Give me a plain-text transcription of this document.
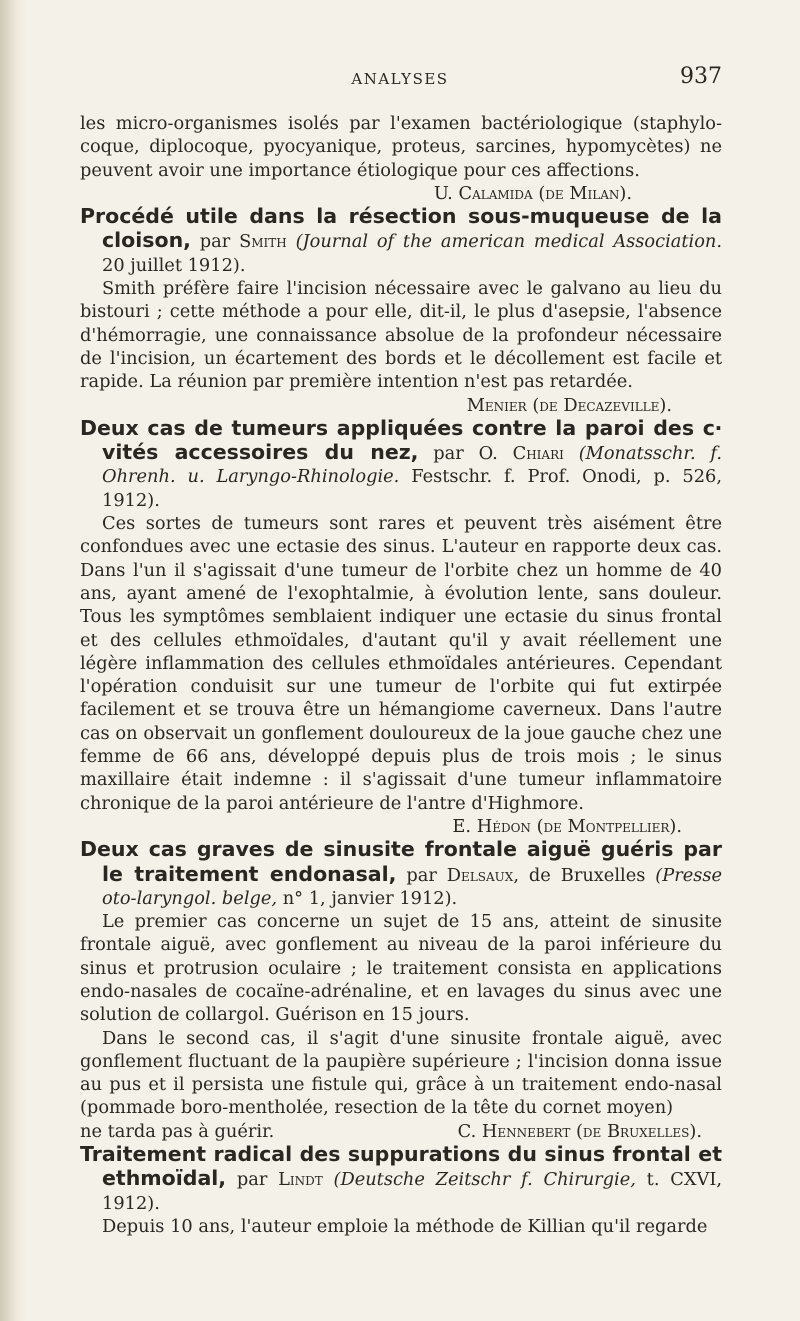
ANALYSES	937

les micro-organismes isolés par l'examen bactériologique (staphylo-coque, diplocoque, pyocyanique, proteus, sarcines, hypomycètes) ne peuvent avoir une importance étiologique pour ces affections.

U. Calamida (de Milan).

Procédé utile dans la résection sous-muqueuse de la cloison, par Smith (Journal of the american medical Association. 20 juillet 1912).

Smith préfère faire l'incision nécessaire avec le galvano au lieu du bistouri ; cette méthode a pour elle, dit-il, le plus d'asepsie, l'absence d'hémorragie, une connaissance absolue de la profondeur nécessaire de l'incision, un écartement des bords et le décollement est facile et rapide. La réunion par première intention n'est pas retardée.

Menier (de Decazeville).

Deux cas de tumeurs appliquées contre la paroi des c‧vités accessoires du nez, par O. Chiari (Monatsschr. f. Ohrenh. u. Laryngo-Rhinologie. Festschr. f. Prof. Onodi, p. 526, 1912).

Ces sortes de tumeurs sont rares et peuvent très aisément être confondues avec une ectasie des sinus. L'auteur en rapporte deux cas. Dans l'un il s'agissait d'une tumeur de l'orbite chez un homme de 40 ans, ayant amené de l'exophtalmie, à évolution lente, sans douleur. Tous les symptômes semblaient indiquer une ectasie du sinus frontal et des cellules ethmoïdales, d'autant qu'il y avait réellement une légère inflammation des cellules ethmoïdales antérieures. Cependant l'opération conduisit sur une tumeur de l'orbite qui fut extirpée facilement et se trouva être un hémangiome caverneux. Dans l'autre cas on observait un gonflement douloureux de la joue gauche chez une femme de 66 ans, développé depuis plus de trois mois ; le sinus maxillaire était indemne : il s'agissait d'une tumeur inflammatoire chronique de la paroi antérieure de l'antre d'Highmore.

E. Hédon (de Montpellier).

Deux cas graves de sinusite frontale aiguë guéris par le traitement endonasal, par Delsaux, de Bruxelles (Presse oto-laryngol. belge, n° 1, janvier 1912).

Le premier cas concerne un sujet de 15 ans, atteint de sinusite frontale aiguë, avec gonflement au niveau de la paroi inférieure du sinus et protrusion oculaire ; le traitement consista en applications endo-nasales de cocaïne-adrénaline, et en lavages du sinus avec une solution de collargol. Guérison en 15 jours.

Dans le second cas, il s'agit d'une sinusite frontale aiguë, avec gonflement fluctuant de la paupière supérieure ; l'incision donna issue au pus et il persista une fistule qui, grâce à un traitement endo-nasal (pommade boro-mentholée, resection de la tête du cornet moyen)

ne tarda pas à guérir.	C. Hennebert (de Bruxelles).

Traitement radical des suppurations du sinus frontal et ethmoïdal, par Lindt (Deutsche Zeitschr f. Chirurgie, t. CXVI, 1912).

Depuis 10 ans, l'auteur emploie la méthode de Killian qu'il regarde
